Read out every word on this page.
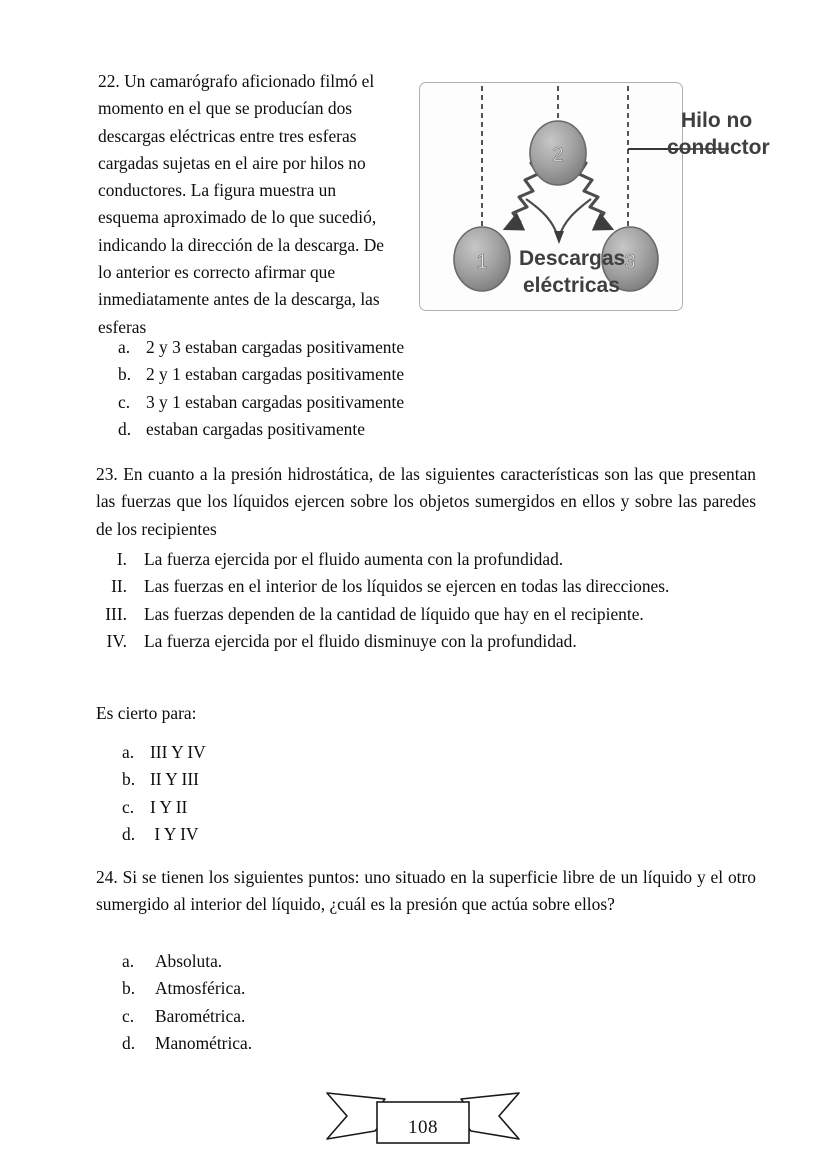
22. Un camarógrafo aficionado filmó el momento en el que se producían dos descargas eléctricas entre tres esferas cargadas sujetas en el aire por hilos no conductores. La figura muestra un esquema aproximado de lo que sucedió, indicando la dirección de la descarga. De lo anterior es correcto afirmar que inmediatamente antes de la descarga, las esferas
2
1	3
Descargas
eléctricas
Hilo no
conductor
a. 2 y 3 estaban cargadas positivamente
b. 2 y 1 estaban cargadas positivamente
c. 3 y 1 estaban cargadas positivamente
d. estaban cargadas positivamente
23. En cuanto a la presión hidrostática, de las siguientes características son las que presentan las fuerzas que los líquidos ejercen sobre los objetos sumergidos en ellos y sobre las paredes de los recipientes
I. La fuerza ejercida por el fluido aumenta con la profundidad.
II. Las fuerzas en el interior de los líquidos se ejercen en todas las direcciones.
III. Las fuerzas dependen de la cantidad de líquido que hay en el recipiente.
IV. La fuerza ejercida por el fluido disminuye con la profundidad.
Es cierto para:
a. III Y IV
b. II Y III
c. I Y II
d. I Y IV
24. Si se tienen los siguientes puntos: uno situado en la superficie libre de un líquido y el otro sumergido al interior del líquido, ¿cuál es la presión que actúa sobre ellos?
a.	Absoluta.
b.	Atmosférica.
c.	Barométrica.
d.	Manométrica.
108
